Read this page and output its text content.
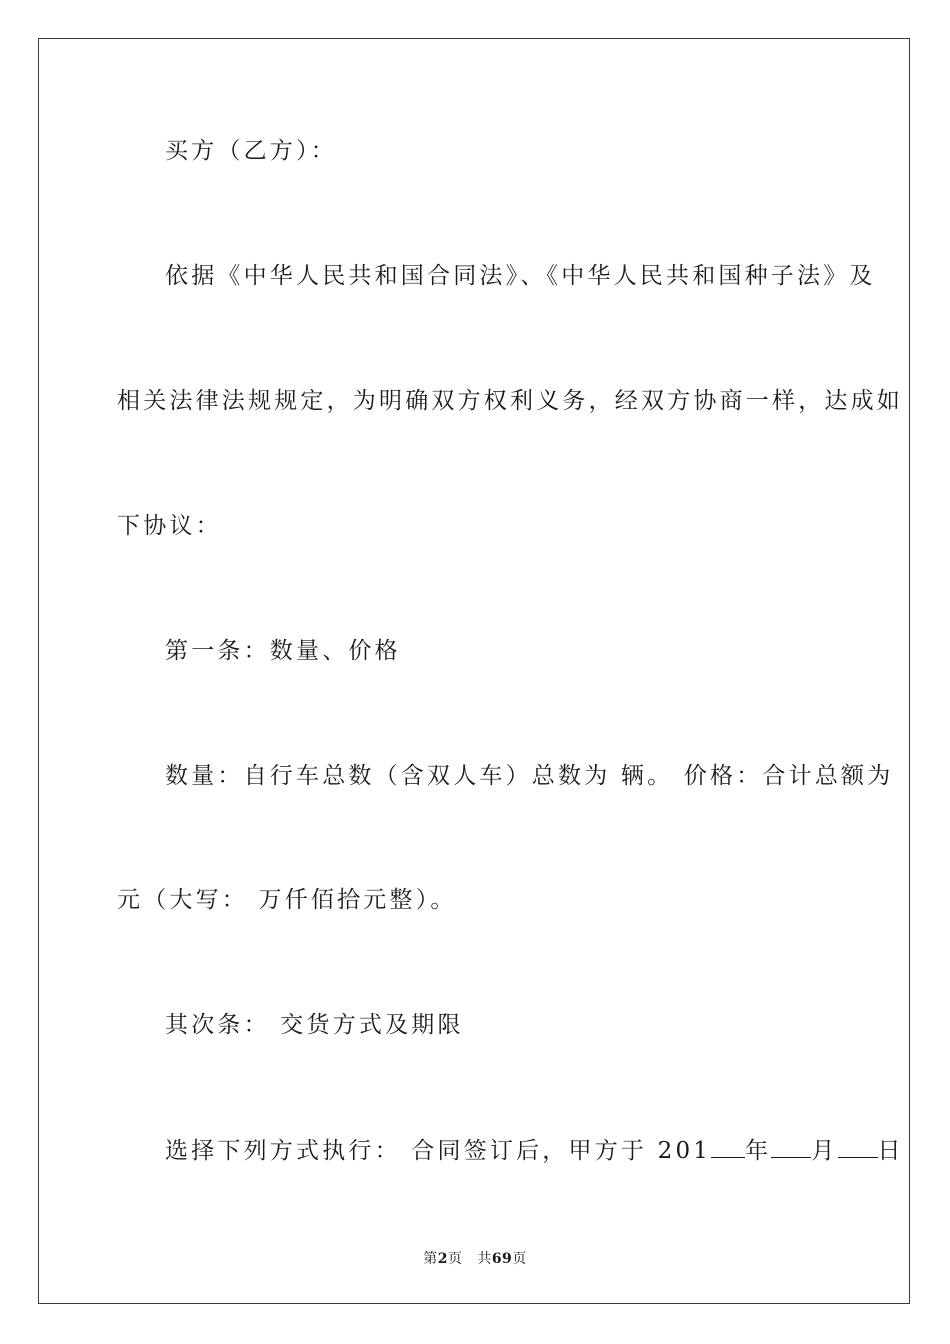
买方（乙方）：

依据《中华人民共和国合同法》、《中华人民共和国种子法》及

相关法律法规规定，为明确双方权利义务，经双方协商一样，达成如

下协议：

第一条：数量、价格

数量：自行车总数（含双人车）总数为 辆。 价格：合计总额为

元（大写： 万仟佰拾元整）。

其次条： 交货方式及期限

选择下列方式执行： 合同签订后，甲方于 201 年 月 日

第2页 共69页
